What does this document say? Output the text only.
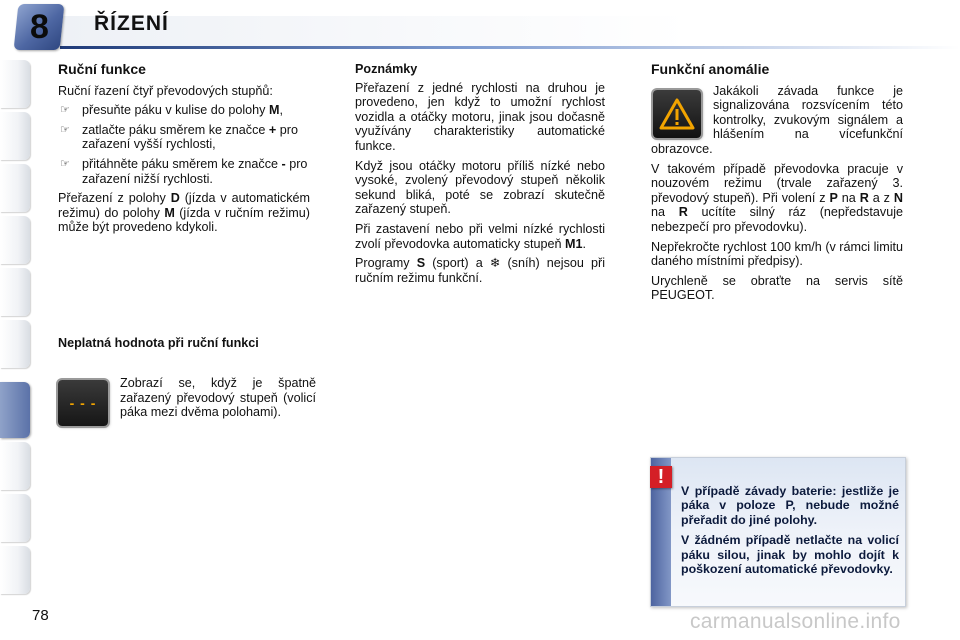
8 ŘÍZENÍ
Ruční funkce

Ruční řazení čtyř převodových stupňů:

☞ přesuňte páku v kulise do polohy M,
☞ zatlačte páku směrem ke značce + pro zařazení vyšší rychlosti,
☞ přitáhněte páku směrem ke značce - pro zařazení nižší rychlosti.

Přeřazení z polohy D (jízda v automatickém režimu) do polohy M (jízda v ručním režimu) může být provedeno kdykoli.

Neplatná hodnota při ruční funkci
- - -

Zobrazí se, když je špatně zařazený převodový stupeň (volicí páka mezi dvěma polohami).

Poznámky

Přeřazení z jedné rychlosti na druhou je provedeno, jen když to umožní rychlost vozidla a otáčky motoru, jinak jsou dočasně využívány charakteristiky automatické funkce.

Když jsou otáčky motoru příliš nízké nebo vysoké, zvolený převodový stupeň několik sekund bliká, poté se zobrazí skutečně zařazený stupeň.

Při zastavení nebo při velmi nízké rychlosti zvolí převodovka automaticky stupeň M1.

Programy S (sport) a ❄ (sníh) nejsou při ručním režimu funkční.

Funkční anomálie

Jakákoli závada funkce je signalizována rozsvícením této kontrolky, zvukovým signálem a hlášením na vícefunkční obrazovce.

V takovém případě převodovka pracuje v nouzovém režimu (trvale zařazený 3. převodový stupeň). Při volení z P na R a z N na R ucítíte silný ráz (nepředstavuje nebezpečí pro převodovku).

Nepřekročte rychlost 100 km/h (v rámci limitu daného místními předpisy).

Urychleně se obraťte na servis sítě PEUGEOT.

V případě závady baterie: jestliže je páka v poloze P, nebude možné přeřadit do jiné polohy.

V žádném případě netlačte na volicí páku silou, jinak by mohlo dojít k poškození automatické převodovky.

!
78	carmanualsonline.info
